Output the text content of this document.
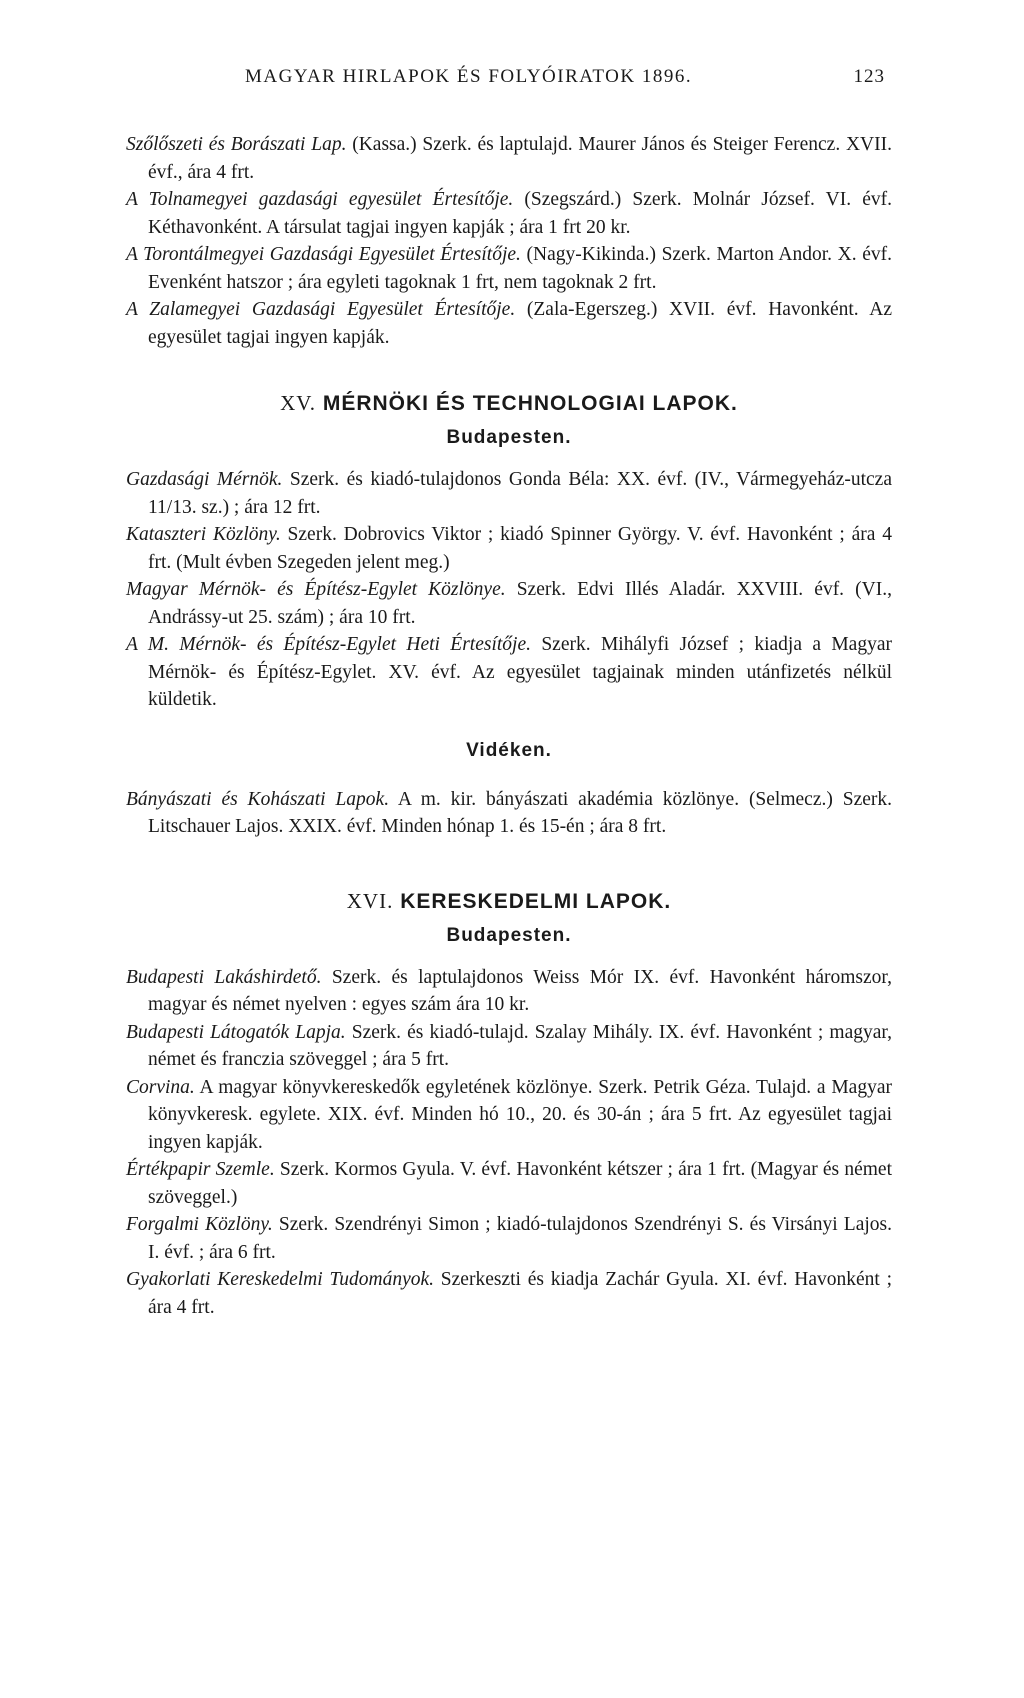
MAGYAR HIRLAPOK ÉS FOLYÓIRATOK 1896.	123

Szőlőszeti és Borászati Lap. (Kassa.) Szerk. és laptulajd. Maurer János és Steiger Ferencz. XVII. évf., ára 4 frt.

A Tolnamegyei gazdasági egyesület Értesítője. (Szegszárd.) Szerk. Molnár József. VI. évf. Kéthavonként. A társulat tagjai ingyen kapják ; ára 1 frt 20 kr.

A Torontálmegyei Gazdasági Egyesület Értesítője. (Nagy-Kikinda.) Szerk. Marton Andor. X. évf. Evenként hatszor ; ára egyleti tagoknak 1 frt, nem tagoknak 2 frt.

A Zalamegyei Gazdasági Egyesület Értesítője. (Zala-Egerszeg.) XVII. évf. Havonként. Az egyesület tagjai ingyen kapják.

XV. MÉRNÖKI ÉS TECHNOLOGIAI LAPOK.
Budapesten.

Gazdasági Mérnök. Szerk. és kiadó-tulajdonos Gonda Béla: XX. évf. (IV., Vármegyeház-utcza 11/13. sz.) ; ára 12 frt.

Kataszteri Közlöny. Szerk. Dobrovics Viktor ; kiadó Spinner György. V. évf. Havonként ; ára 4 frt. (Mult évben Szegeden jelent meg.)

Magyar Mérnök- és Építész-Egylet Közlönye. Szerk. Edvi Illés Aladár. XXVIII. évf. (VI., Andrássy-ut 25. szám) ; ára 10 frt.

A M. Mérnök- és Építész-Egylet Heti Értesítője. Szerk. Mihályfi József ; kiadja a Magyar Mérnök- és Építész-Egylet. XV. évf. Az egyesület tagjainak minden utánfizetés nélkül küldetik.

Vidéken.

Bányászati és Kohászati Lapok. A m. kir. bányászati akadémia közlönye. (Selmecz.) Szerk. Litschauer Lajos. XXIX. évf. Minden hónap 1. és 15-én ; ára 8 frt.

XVI. KERESKEDELMI LAPOK.
Budapesten.

Budapesti Lakáshirdető. Szerk. és laptulajdonos Weiss Mór IX. évf. Havonként háromszor, magyar és német nyelven : egyes szám ára 10 kr.

Budapesti Látogatók Lapja. Szerk. és kiadó-tulajd. Szalay Mihály. IX. évf. Havonként ; magyar, német és franczia szöveggel ; ára 5 frt.

Corvina. A magyar könyvkereskedők egyletének közlönye. Szerk. Petrik Géza. Tulajd. a Magyar könyvkeresk. egylete. XIX. évf. Minden hó 10., 20. és 30-án ; ára 5 frt. Az egyesület tagjai ingyen kapják.

Értékpapir Szemle. Szerk. Kormos Gyula. V. évf. Havonként kétszer ; ára 1 frt. (Magyar és német szöveggel.)

Forgalmi Közlöny. Szerk. Szendrényi Simon ; kiadó-tulajdonos Szendrényi S. és Virsányi Lajos. I. évf. ; ára 6 frt.

Gyakorlati Kereskedelmi Tudományok. Szerkeszti és kiadja Zachár Gyula. XI. évf. Havonként ; ára 4 frt.
